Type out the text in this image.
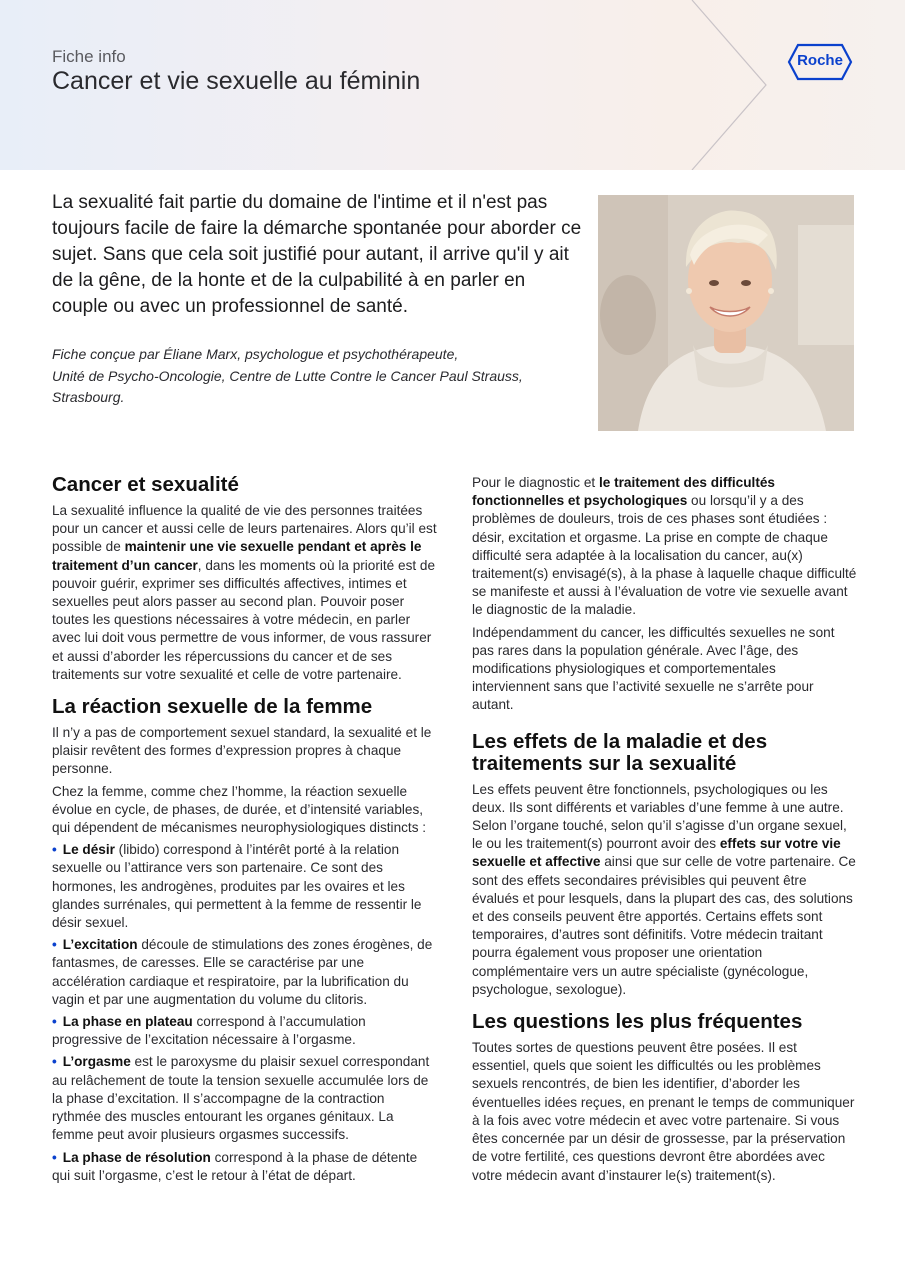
Fiche info
Cancer et vie sexuelle au féminin
Roche

La sexualité fait partie du domaine de l'intime et il n'est pas toujours facile de faire la démarche spontanée pour aborder ce sujet. Sans que cela soit justifié pour autant, il arrive qu'il y ait de la gêne, de la honte et de la culpabilité à en parler en couple ou avec un professionnel de santé.

Fiche conçue par Éliane Marx, psychologue et psychothérapeute,
Unité de Psycho-Oncologie, Centre de Lutte Contre le Cancer Paul Strauss,
Strasbourg.

Cancer et sexualité

La sexualité influence la qualité de vie des personnes traitées pour un cancer et aussi celle de leurs partenaires. Alors qu’il est possible de maintenir une vie sexuelle pendant et après le traitement d’un cancer, dans les moments où la priorité est de pouvoir guérir, exprimer ses difficultés affectives, intimes et sexuelles peut alors passer au second plan. Pouvoir poser toutes les questions nécessaires à votre médecin, en parler avec lui doit vous permettre de vous informer, de vous rassurer et aussi d’aborder les répercussions du cancer et de ses traitements sur votre sexualité et celle de votre partenaire.

La réaction sexuelle de la femme

Il n’y a pas de comportement sexuel standard, la sexualité et le plaisir revêtent des formes d’expression propres à chaque personne.

Chez la femme, comme chez l’homme, la réaction sexuelle évolue en cycle, de phases, de durée, et d’intensité variables, qui dépendent de mécanismes neurophysiologiques distincts :

• Le désir (libido) correspond à l’intérêt porté à la relation sexuelle ou l’attirance vers son partenaire. Ce sont des hormones, les androgènes, produites par les ovaires et les glandes surrénales, qui permettent à la femme de ressentir le désir sexuel.

• L’excitation découle de stimulations des zones érogènes, de fantasmes, de caresses. Elle se caractérise par une accélération cardiaque et respiratoire, par la lubrification du vagin et par une augmentation du volume du clitoris.

• La phase en plateau correspond à l’accumulation progressive de l’excitation nécessaire à l’orgasme.

• L’orgasme est le paroxysme du plaisir sexuel correspondant au relâchement de toute la tension sexuelle accumulée lors de la phase d’excitation. Il s’accompagne de la contraction rythmée des muscles entourant les organes génitaux. La femme peut avoir plusieurs orgasmes successifs.

• La phase de résolution correspond à la phase de détente qui suit l’orgasme, c’est le retour à l’état de départ.

Pour le diagnostic et le traitement des difficultés fonctionnelles et psychologiques ou lorsqu’il y a des problèmes de douleurs, trois de ces phases sont étudiées : désir, excitation et orgasme. La prise en compte de chaque difficulté sera adaptée à la localisation du cancer, au(x) traitement(s) envisagé(s), à la phase à laquelle chaque difficulté se manifeste et aussi à l’évaluation de votre vie sexuelle avant le diagnostic de la maladie.

Indépendamment du cancer, les difficultés sexuelles ne sont pas rares dans la population générale. Avec l’âge, des modifications physiologiques et comportementales interviennent sans que l’activité sexuelle ne s’arrête pour autant.

Les effets de la maladie et des traitements sur la sexualité

Les effets peuvent être fonctionnels, psychologiques ou les deux. Ils sont différents et variables d’une femme à une autre. Selon l’organe touché, selon qu’il s’agisse d’un organe sexuel, le ou les traitement(s) pourront avoir des effets sur votre vie sexuelle et affective ainsi que sur celle de votre partenaire. Ce sont des effets secondaires prévisibles qui peuvent être évalués et pour lesquels, dans la plupart des cas, des solutions et des conseils peuvent être apportés. Certains effets sont temporaires, d’autres sont définitifs. Votre médecin traitant pourra également vous proposer une orientation complémentaire vers un autre spécialiste (gynécologue, psychologue, sexologue).

Les questions les plus fréquentes

Toutes sortes de questions peuvent être posées. Il est essentiel, quels que soient les difficultés ou les problèmes sexuels rencontrés, de bien les identifier, d’aborder les éventuelles idées reçues, en prenant le temps de communiquer à la fois avec votre médecin et avec votre partenaire. Si vous êtes concernée par un désir de grossesse, par la préservation de votre fertilité, ces questions devront être abordées avec votre médecin avant d’instaurer le(s) traitement(s).
